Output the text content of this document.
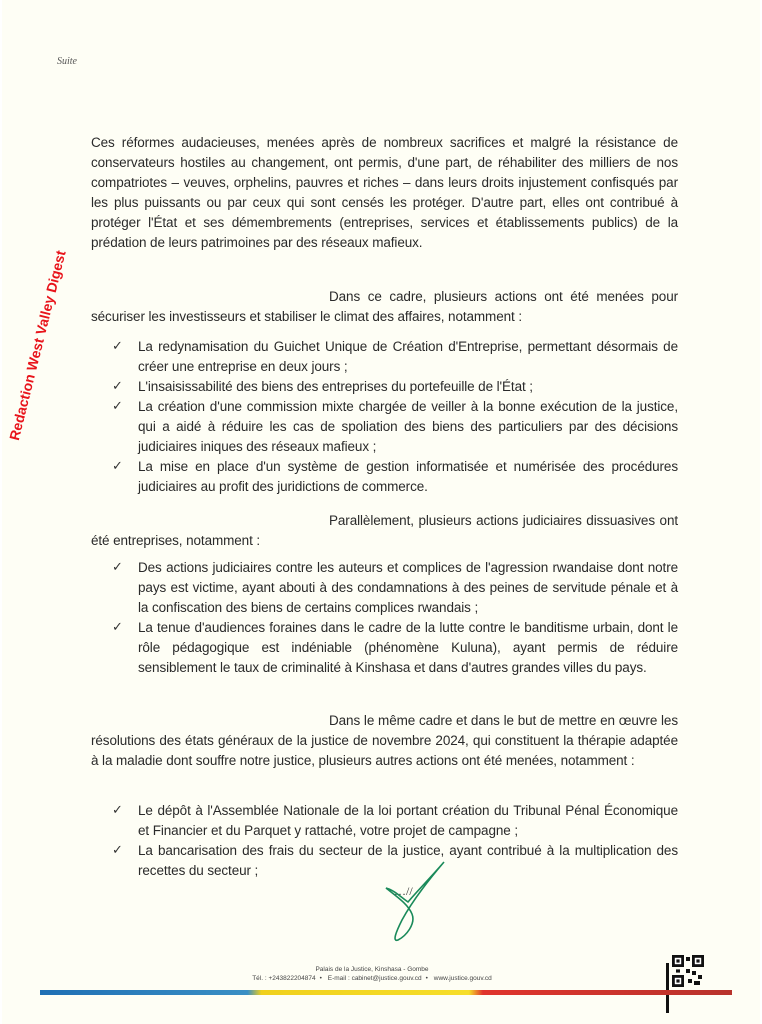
Suite
Redaction West Valley Digest
Ces réformes audacieuses, menées après de nombreux sacrifices et malgré la résistance de conservateurs hostiles au changement, ont permis, d'une part, de réhabiliter des milliers de nos compatriotes – veuves, orphelins, pauvres et riches – dans leurs droits injustement confisqués par les plus puissants ou par ceux qui sont censés les protéger. D'autre part, elles ont contribué à protéger l'État et ses démembrements (entreprises, services et établissements publics) de la prédation de leurs patrimoines par des réseaux mafieux.
Dans ce cadre, plusieurs actions ont été menées pour sécuriser les investisseurs et stabiliser le climat des affaires, notamment :
✓ La redynamisation du Guichet Unique de Création d'Entreprise, permettant désormais de créer une entreprise en deux jours ;
✓ L'insaisissabilité des biens des entreprises du portefeuille de l'État ;
✓ La création d'une commission mixte chargée de veiller à la bonne exécution de la justice, qui a aidé à réduire les cas de spoliation des biens des particuliers par des décisions judiciaires iniques des réseaux mafieux ;
✓ La mise en place d'un système de gestion informatisée et numérisée des procédures judiciaires au profit des juridictions de commerce.
Parallèlement, plusieurs actions judiciaires dissuasives ont été entreprises, notamment :
✓ Des actions judiciaires contre les auteurs et complices de l'agression rwandaise dont notre pays est victime, ayant abouti à des condamnations à des peines de servitude pénale et à la confiscation des biens de certains complices rwandais ;
✓ La tenue d'audiences foraines dans le cadre de la lutte contre le banditisme urbain, dont le rôle pédagogique est indéniable (phénomène Kuluna), ayant permis de réduire sensiblement le taux de criminalité à Kinshasa et dans d'autres grandes villes du pays.
Dans le même cadre et dans le but de mettre en œuvre les résolutions des états généraux de la justice de novembre 2024, qui constituent la thérapie adaptée à la maladie dont souffre notre justice, plusieurs autres actions ont été menées, notamment :
✓ Le dépôt à l'Assemblée Nationale de la loi portant création du Tribunal Pénal Économique et Financier et du Parquet y rattaché, votre projet de campagne ;
✓ La bancarisation des frais du secteur de la justice, ayant contribué à la multiplication des recettes du secteur ;
…//
Palais de la Justice, Kinshasa - Gombe
Tél. : +243822204874 • E-mail : cabinet@justice.gouv.cd • www.justice.gouv.cd
